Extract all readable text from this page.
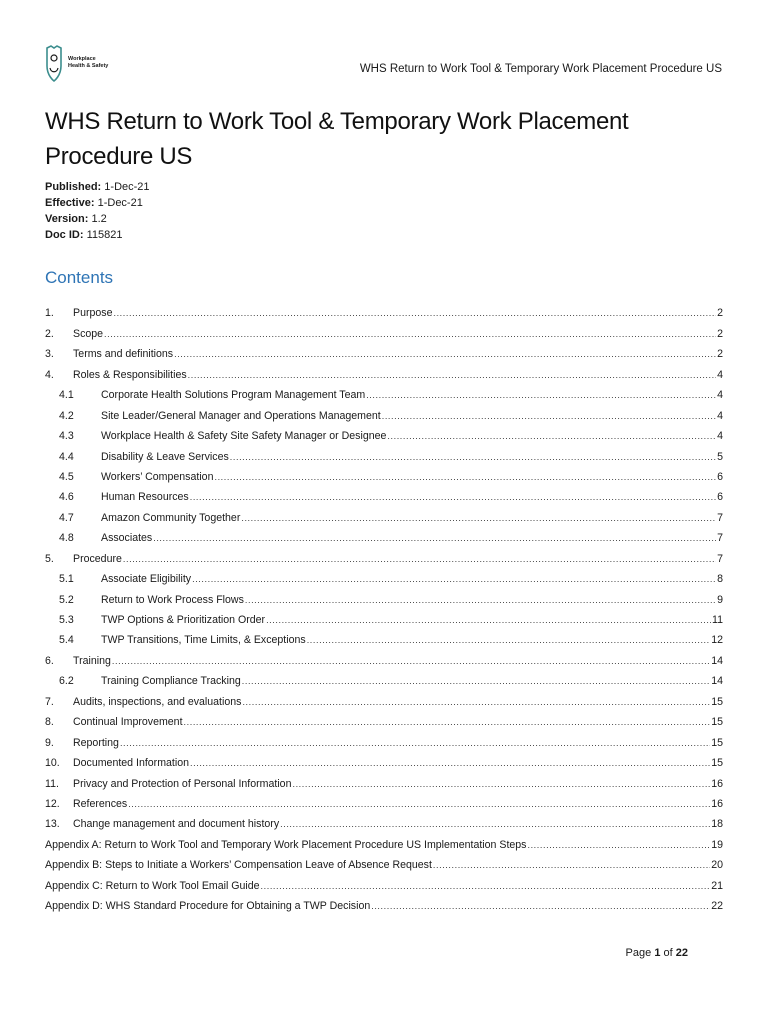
Workplace
Health & Safety	WHS Return to Work Tool & Temporary Work Placement Procedure US
WHS Return to Work Tool & Temporary Work Placement
Procedure US
Published: 1-Dec-21
Effective: 1-Dec-21
Version: 1.2
Doc ID: 115821
Contents
1.	Purpose .....	2
2.	Scope .....	2
3.	Terms and definitions .....	2
4.	Roles & Responsibilities .....	4
4.1	Corporate Health Solutions Program Management Team .....	4
4.2	Site Leader/General Manager and Operations Management .....	4
4.3	Workplace Health & Safety Site Safety Manager or Designee .....	4
4.4	Disability & Leave Services .....	5
4.5	Workers’ Compensation .....	6
4.6	Human Resources .....	6
4.7	Amazon Community Together .....	7
4.8	Associates .....	7
5.	Procedure .....	7
5.1	Associate Eligibility .....	8
5.2	Return to Work Process Flows .....	9
5.3	TWP Options & Prioritization Order .....	11
5.4	TWP Transitions, Time Limits, & Exceptions .....	12
6.	Training .....	14
6.2	Training Compliance Tracking .....	14
7.	Audits, inspections, and evaluations .....	15
8.	Continual Improvement .....	15
9.	Reporting .....	15
10.	Documented Information .....	15
11.	Privacy and Protection of Personal Information .....	16
12.	References .....	16
13.	Change management and document history .....	18
Appendix A: Return to Work Tool and Temporary Work Placement Procedure US Implementation Steps .....	19
Appendix B: Steps to Initiate a Workers’ Compensation Leave of Absence Request .....	20
Appendix C: Return to Work Tool Email Guide .....	21
Appendix D: WHS Standard Procedure for Obtaining a TWP Decision .....	22
Page 1 of 22
